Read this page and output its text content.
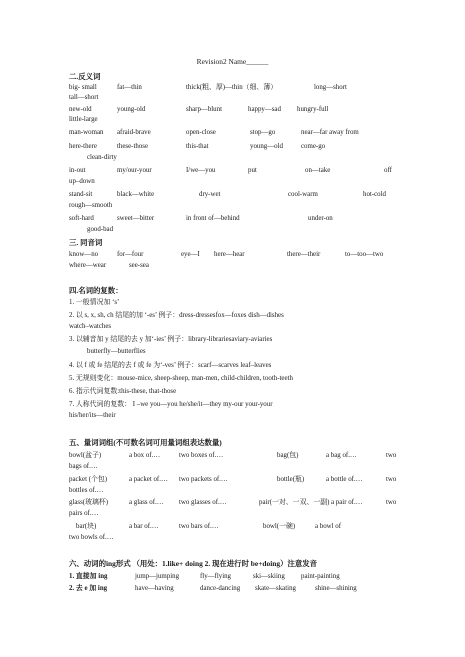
Revision2 Name______
二.反义词
big- small	fat—thin	thick(粗、厚)—thin（细、薄）	long—short
tall—short
new-old	young-old	sharp—blunt	happy—sad hungry-full
little-large
man-woman afraid-brave	open-close	stop—go	near—far away from
here-there	these-those	this-that	young—old	come-go
clean-dirty
in-out	my/our-your	I/we—you	put	on—take	off
up–down
stand-sit	black—white	dry-wet	cool-warm	hot-cold
rough—smooth
soft-hard	sweet—bitter	in front of—behind	under-on
good-bad
三. 同音词
know—no	for—four	eye—I here—hear	there—their	to—too—two
where—wear	see-sea
四.名词的复数：
1. 一般情况加 ‘s’
2. 以 s, x, sh, ch 结尾的加 ‘-es’ 例子：dress-dressesfox—foxes dish—dishes
watch–watches
3. 以辅音加 y 结尾的去 y 加‘-ies’ 例子：library-librariesaviary-aviaries
butterfly—butterflies
4. 以 f 或 fe 结尾的去 f 或 fe 为‘-ves’ 例子：scarf—scarves leaf–leaves
5. 无规则变化：mouse-mice, sheep-sheep, man-men, child-children, tooth-teeth
6. 指示代词复数:this-these, that-those
7. 人称代词的复数： I –we you—you he/she/it—they my-our your-your
his/her/its—their
五、量词词组(不可数名词可用量词组表达数量)
bowl(盆子)	a box of.…	two boxes of.…	bag(包)	a bag of.…	two
bags of.…
packet (个包)	a packet of.… two packets of.…	bottle(瓶)	a bottle of.…	two
bottles of.…
glass(玻璃杯)	a glass of.… two glasses of.…	pair(一对、一双、一副) a pair of.…	two
pairs of.…
bar(块)	a bar of.…	two bars of.…	bowl(一碗)	a bowl of
two bowls of.…
六、动词的ing形式 （用处：1.like+ doing 2. 现在进行时 be+doing）注意发音
1. 直接加 ing	jump—jumping	fly—flying	ski—skiing paint-painting
2. 去 e 加 ing	have—having	dance-dancing skate—skating	shine—shining
